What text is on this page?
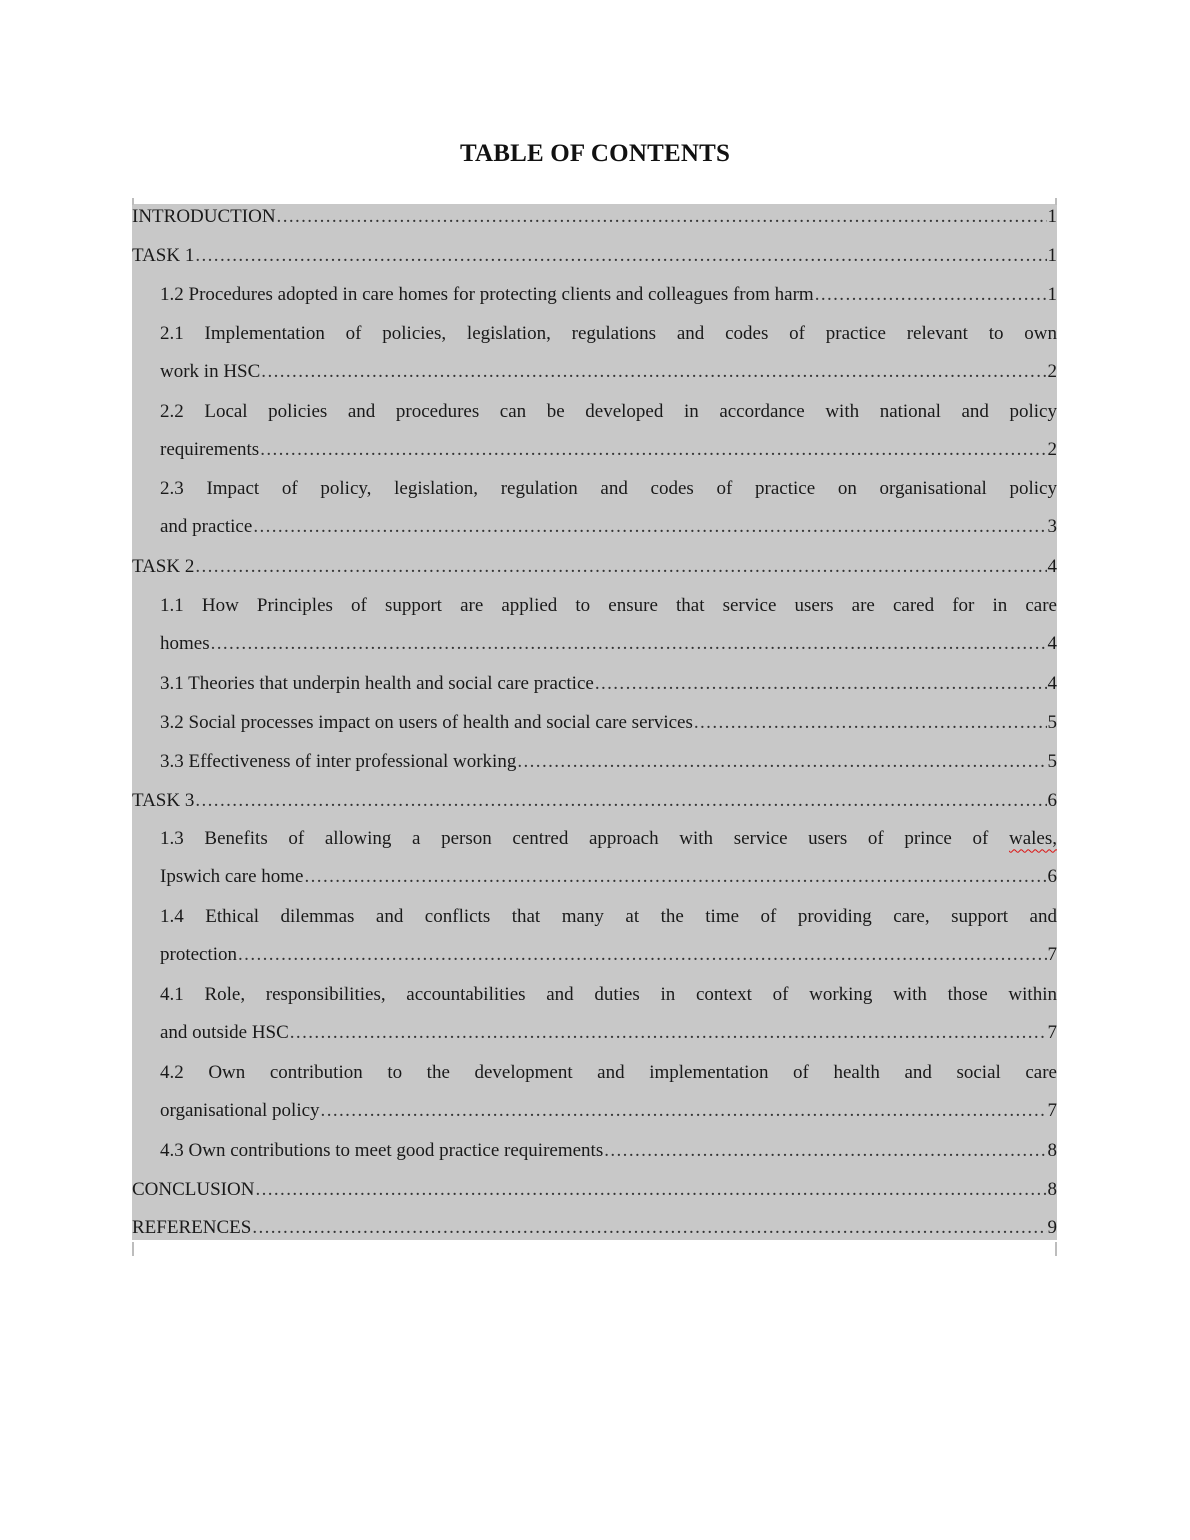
TABLE OF CONTENTS
INTRODUCTION .....	1
TASK 1 .....	1
1.2 Procedures adopted in care homes for protecting clients and colleagues from harm .....	1
2.1 Implementation of policies, legislation, regulations and codes of practice relevant to own
work in HSC .....	2
2.2 Local policies and procedures can be developed in accordance with national and policy
requirements .....	2
2.3 Impact of policy, legislation, regulation and codes of practice on organisational policy
and practice .....	3
TASK 2 .....	4
1.1 How Principles of support are applied to ensure that service users are cared for in care
homes .....	4
3.1 Theories that underpin health and social care practice .....	4
3.2 Social processes impact on users of health and social care services .....	5
3.3 Effectiveness of inter professional working .....	5
TASK 3 .....	6
1.3 Benefits of allowing a person centred approach with service users of prince of wales,
Ipswich care home .....	6
1.4 Ethical dilemmas and conflicts that many at the time of providing care, support and
protection .....	7
4.1 Role, responsibilities, accountabilities and duties in context of working with those within
and outside HSC .....	7
4.2 Own contribution to the development and implementation of health and social care
organisational policy .....	7
4.3 Own contributions to meet good practice requirements .....	8
CONCLUSION .....	8
REFERENCES .....	9
